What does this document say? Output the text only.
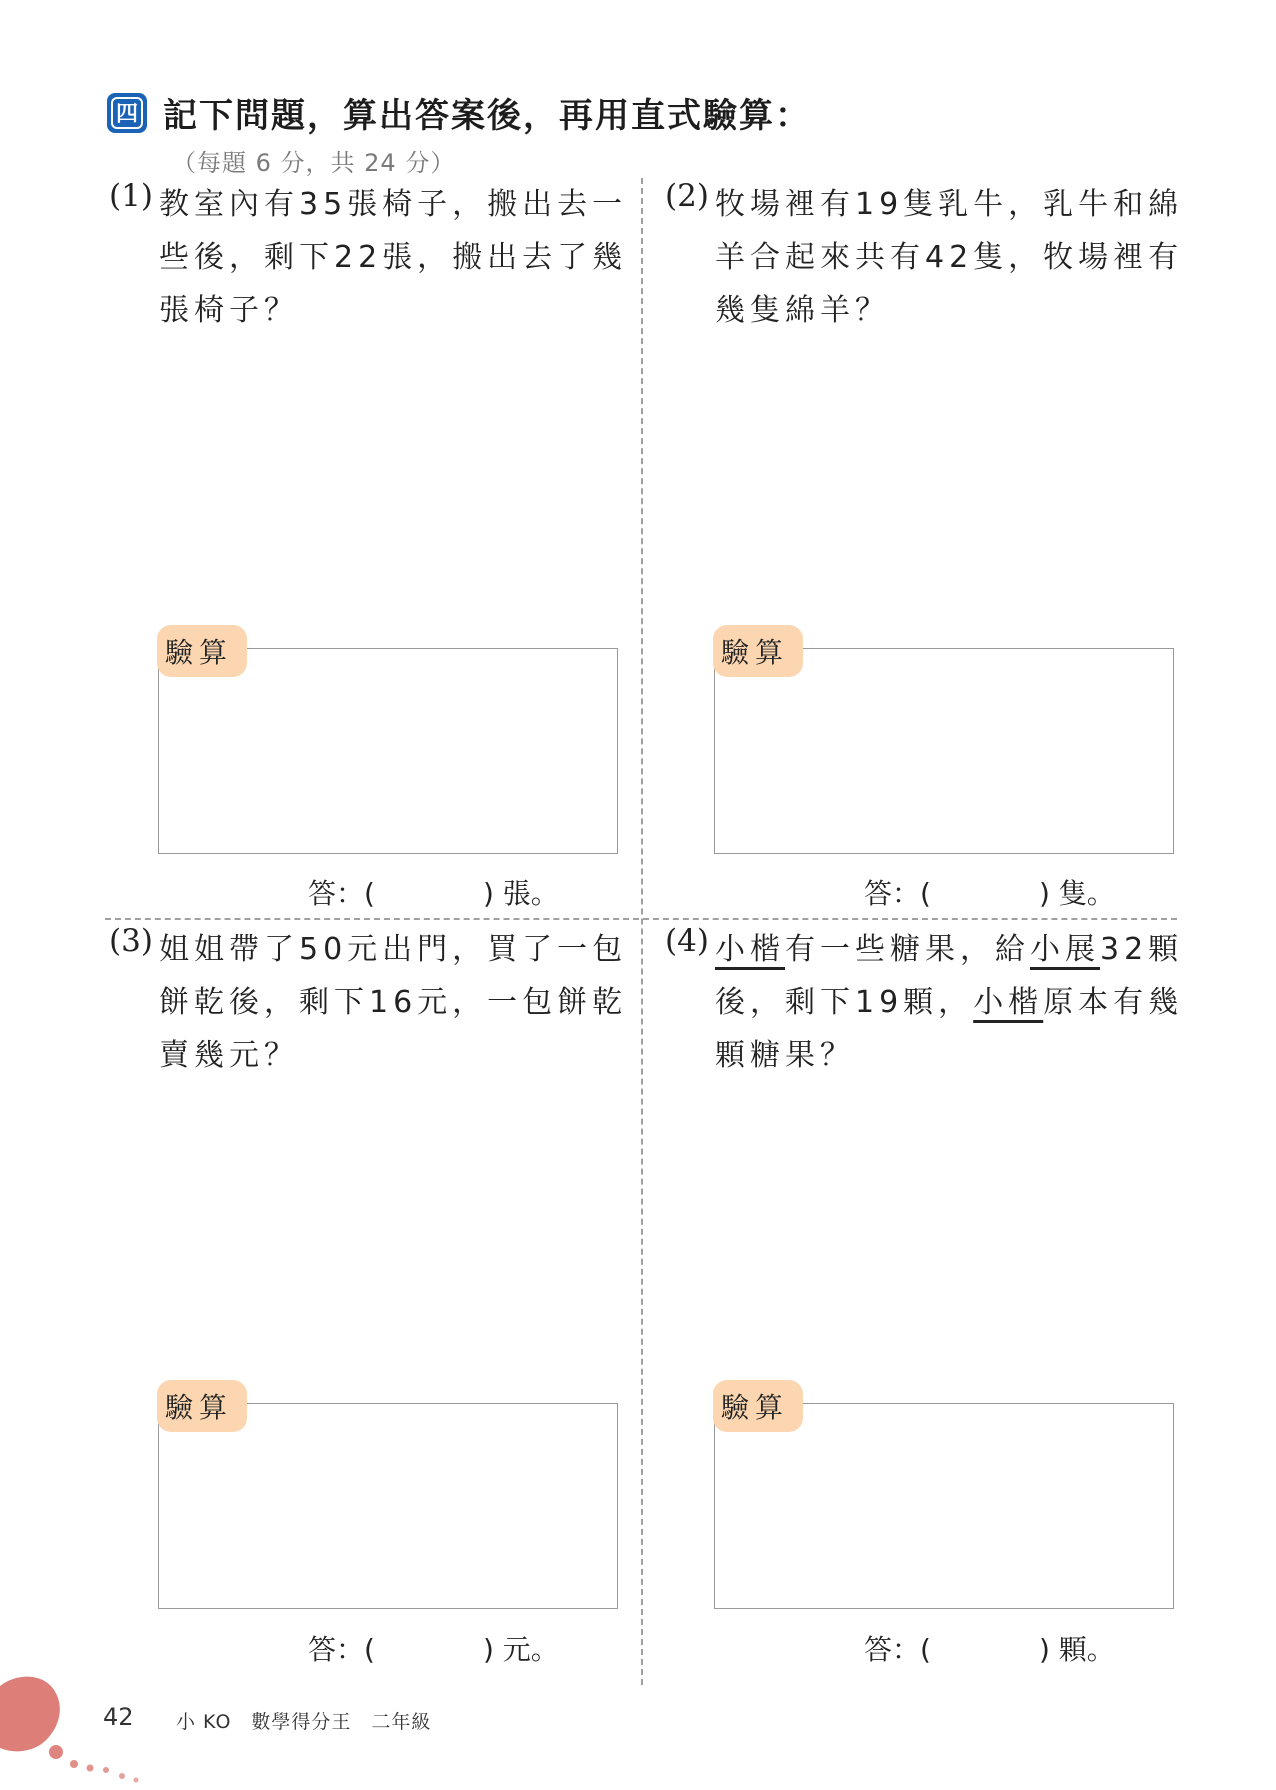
四 記下問題，算出答案後，再用直式驗算：
（每題 6 分，共 24 分）
(1) 教室內有35張椅子，搬出去一些後，剩下22張，搬出去了幾張椅子？
驗算
答：(	) 張。
(2) 牧場裡有19隻乳牛，乳牛和綿羊合起來共有42隻，牧場裡有幾隻綿羊？
驗算
答：(	) 隻。
(3) 姐姐帶了50元出門，買了一包餅乾後，剩下16元，一包餅乾賣幾元？
驗算
答：(	) 元。
(4) 小楷有一些糖果，給小展32顆後，剩下19顆，小楷原本有幾顆糖果？
驗算
答：(	) 顆。
42 小 KO　數學得分王　二年級
